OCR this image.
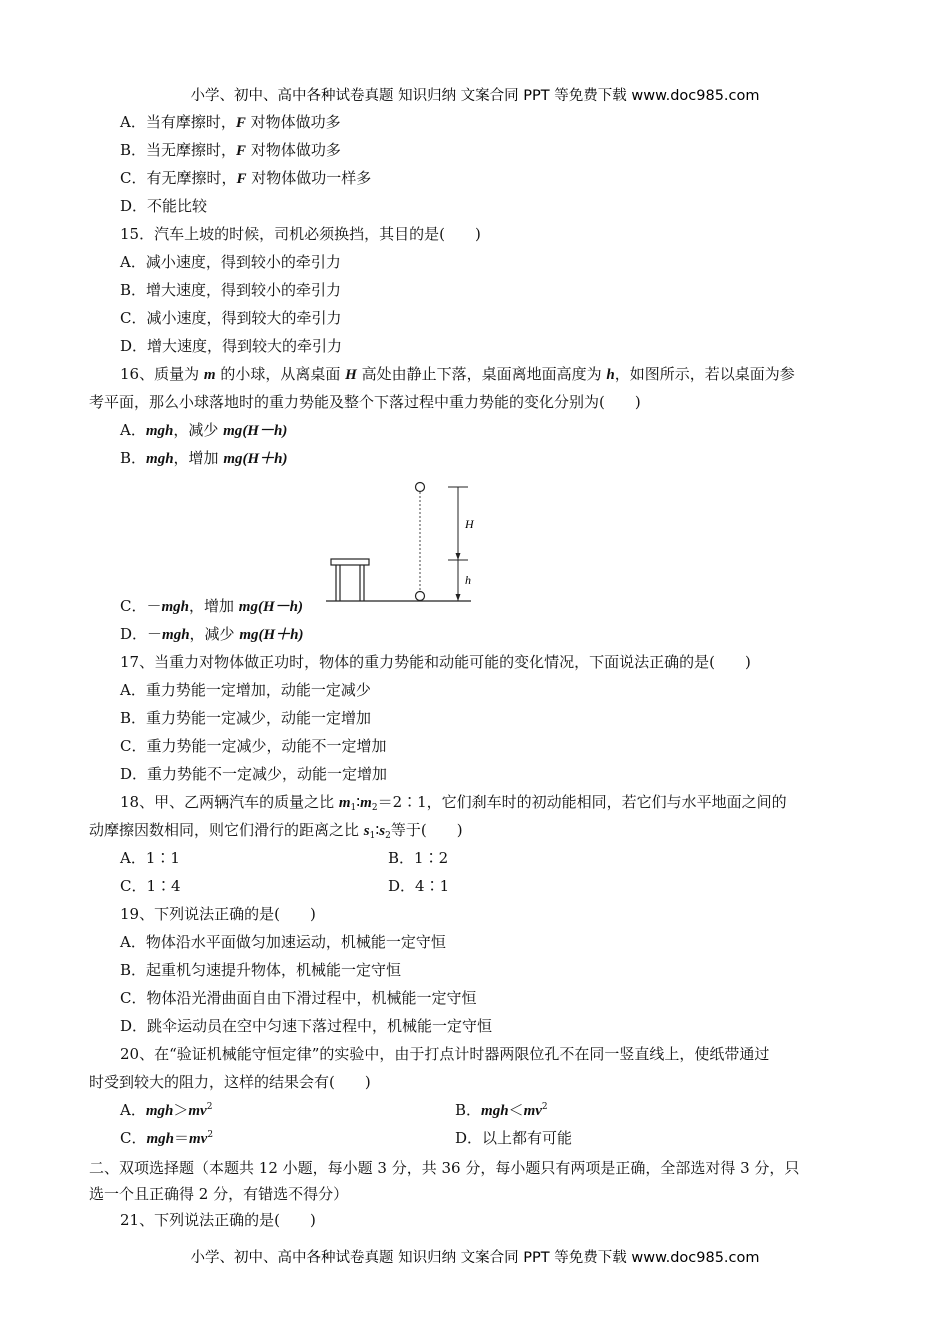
小学、初中、高中各种试卷真题 知识归纳 文案合同 PPT 等免费下载 www.doc985.com
A．当有摩擦时，F 对物体做功多
B．当无摩擦时，F 对物体做功多
C．有无摩擦时，F 对物体做功一样多
D．不能比较
15．汽车上坡的时候，司机必须换挡，其目的是(　　)
A．减小速度，得到较小的牵引力
B．增大速度，得到较小的牵引力
C．减小速度，得到较大的牵引力
D．增大速度，得到较大的牵引力
16、质量为 m 的小球，从离桌面 H 高处由静止下落，桌面离地面高度为 h，如图所示，若以桌面为参
考平面，那么小球落地时的重力势能及整个下落过程中重力势能的变化分别为(　　)
A．mgh，减少 mg(H－h)
B．mgh，增加 mg(H＋h)
H
h
C．－mgh，增加 mg(H－h)
D．－mgh，减少 mg(H＋h)
17、当重力对物体做正功时，物体的重力势能和动能可能的变化情况，下面说法正确的是(　　)
A．重力势能一定增加，动能一定减少
B．重力势能一定减少，动能一定增加
C．重力势能一定减少，动能不一定增加
D．重力势能不一定减少，动能一定增加
18、甲、乙两辆汽车的质量之比 $m_1∶m_2=2∶1$，它们刹车时的初动能相同，若它们与水平地面之间的
动摩擦因数相同，则它们滑行的距离之比 $s_1∶s_2$等于(　　)
A．1∶1	B．1∶2
C．1∶4	D．4∶1
19、下列说法正确的是(　　)
A．物体沿水平面做匀加速运动，机械能一定守恒
B．起重机匀速提升物体，机械能一定守恒
C．物体沿光滑曲面自由下滑过程中，机械能一定守恒
D．跳伞运动员在空中匀速下落过程中，机械能一定守恒
20、在“验证机械能守恒定律”的实验中，由于打点计时器两限位孔不在同一竖直线上，使纸带通过
时受到较大的阻力，这样的结果会有(　　)
A．$mgh>mv^2$	B．$mgh<mv^2$
C．$mgh=mv^2$	D．以上都有可能
二、双项选择题（本题共 12 小题，每小题 3 分，共 36 分，每小题只有两项是正确，全部选对得 3 分，只
选一个且正确得 2 分，有错选不得分）
21、下列说法正确的是(　　)
小学、初中、高中各种试卷真题 知识归纳 文案合同 PPT 等免费下载 www.doc985.com
